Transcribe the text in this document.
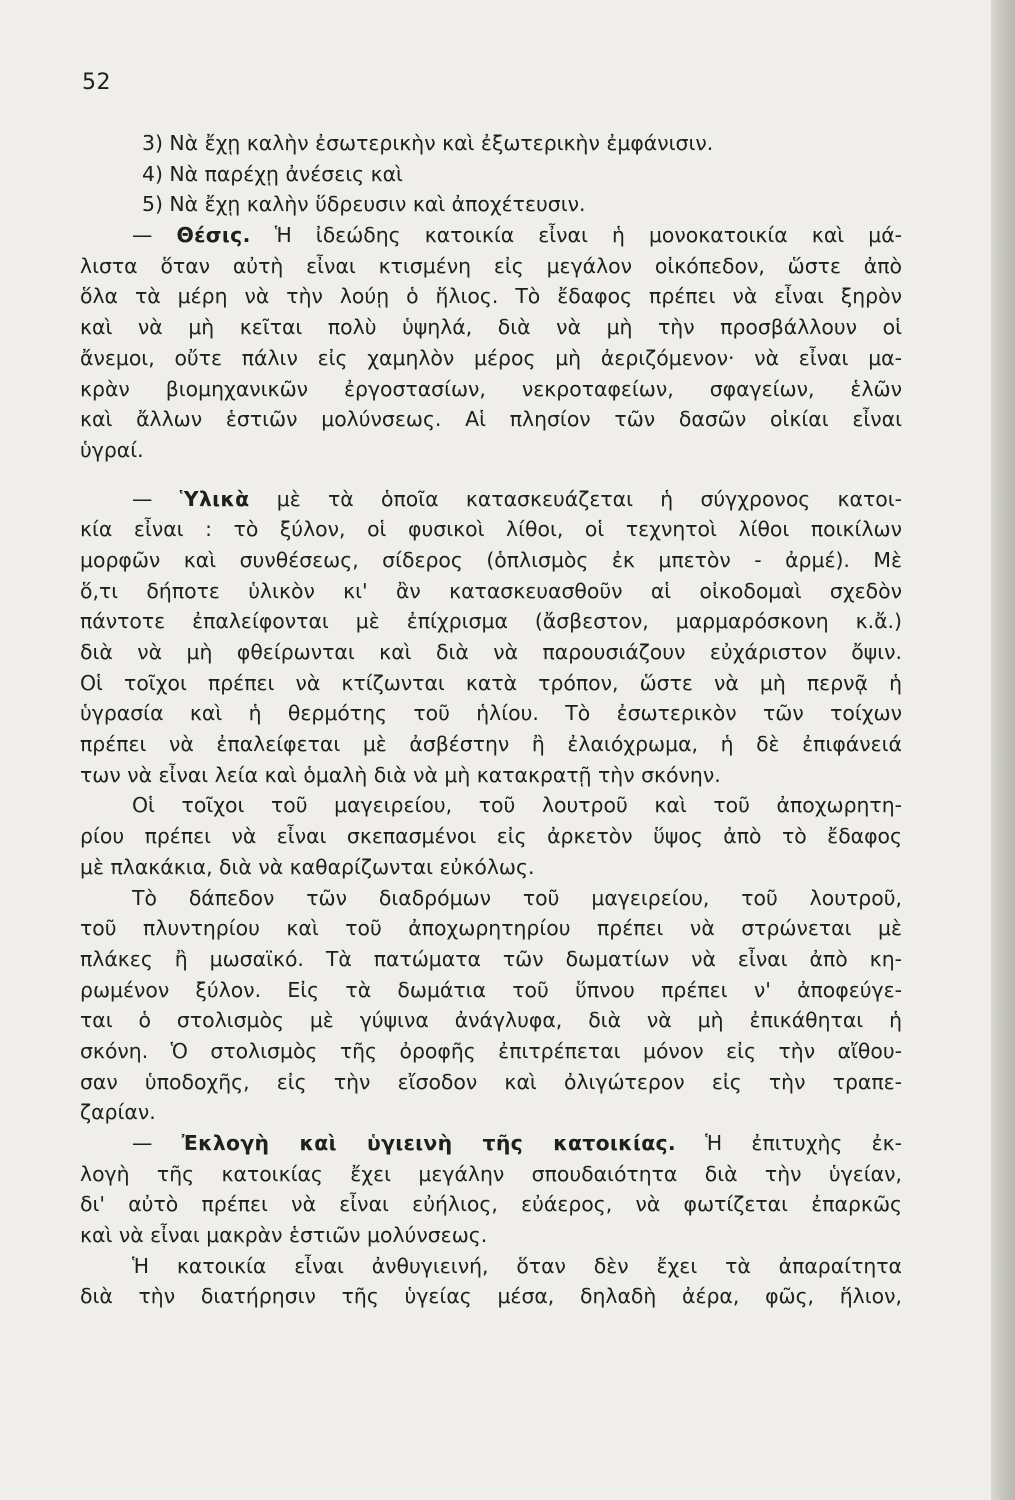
52
3) Νὰ ἔχῃ καλὴν ἐσωτερικὴν καὶ ἐξωτερικὴν ἐμφάνισιν.
4) Νὰ παρέχῃ ἀνέσεις καὶ
5) Νὰ ἔχῃ καλὴν ὕδρευσιν καὶ ἀποχέτευσιν.
— Θέσις. Ἡ ἰδεώδης κατοικία εἶναι ἡ μονοκατοικία καὶ μά-
λιστα ὅταν αὐτὴ εἶναι κτισμένη εἰς μεγάλον οἰκόπεδον, ὥστε ἀπὸ
ὅλα τὰ μέρη νὰ τὴν λούῃ ὁ ἥλιος. Τὸ ἔδαφος πρέπει νὰ εἶναι ξηρὸν
καὶ νὰ μὴ κεῖται πολὺ ὑψηλά, διὰ νὰ μὴ τὴν προσβάλλουν οἱ
ἄνεμοι, οὔτε πάλιν εἰς χαμηλὸν μέρος μὴ ἀεριζόμενον· νὰ εἶναι μα-
κρὰν βιομηχανικῶν ἐργοστασίων, νεκροταφείων, σφαγείων, ἑλῶν
καὶ ἄλλων ἑστιῶν μολύνσεως. Αἱ πλησίον τῶν δασῶν οἰκίαι εἶναι
ὑγραί.
— Ὑλικὰ μὲ τὰ ὁποῖα κατασκευάζεται ἡ σύγχρονος κατοι-
κία εἶναι : τὸ ξύλον, οἱ φυσικοὶ λίθοι, οἱ τεχνητοὶ λίθοι ποικίλων
μορφῶν καὶ συνθέσεως, σίδερος (ὁπλισμὸς ἐκ μπετὸν - ἀρμέ). Μὲ
ὅ,τι δήποτε ὑλικὸν κι' ἂν κατασκευασθοῦν αἱ οἰκοδομαὶ σχεδὸν
πάντοτε ἐπαλείφονται μὲ ἐπίχρισμα (ἄσβεστον, μαρμαρόσκονη κ.ἄ.)
διὰ νὰ μὴ φθείρωνται καὶ διὰ νὰ παρουσιάζουν εὐχάριστον ὄψιν.
Οἱ τοῖχοι πρέπει νὰ κτίζωνται κατὰ τρόπον, ὥστε νὰ μὴ περνᾷ ἡ
ὑγρασία καὶ ἡ θερμότης τοῦ ἡλίου. Τὸ ἐσωτερικὸν τῶν τοίχων
πρέπει νὰ ἐπαλείφεται μὲ ἀσβέστην ἢ ἐλαιόχρωμα, ἡ δὲ ἐπιφάνειά
των νὰ εἶναι λεία καὶ ὁμαλὴ διὰ νὰ μὴ κατακρατῇ τὴν σκόνην.
Οἱ τοῖχοι τοῦ μαγειρείου, τοῦ λουτροῦ καὶ τοῦ ἀποχωρητη-
ρίου πρέπει νὰ εἶναι σκεπασμένοι εἰς ἀρκετὸν ὕψος ἀπὸ τὸ ἔδαφος
μὲ πλακάκια, διὰ νὰ καθαρίζωνται εὐκόλως.
Τὸ δάπεδον τῶν διαδρόμων τοῦ μαγειρείου, τοῦ λουτροῦ,
τοῦ πλυντηρίου καὶ τοῦ ἀποχωρητηρίου πρέπει νὰ στρώνεται μὲ
πλάκες ἢ μωσαϊκό. Τὰ πατώματα τῶν δωματίων νὰ εἶναι ἀπὸ κη-
ρωμένον ξύλον. Εἰς τὰ δωμάτια τοῦ ὕπνου πρέπει ν' ἀποφεύγε-
ται ὁ στολισμὸς μὲ γύψινα ἀνάγλυφα, διὰ νὰ μὴ ἐπικάθηται ἡ
σκόνη. Ὁ στολισμὸς τῆς ὀροφῆς ἐπιτρέπεται μόνον εἰς τὴν αἴθου-
σαν ὑποδοχῆς, εἰς τὴν εἴσοδον καὶ ὀλιγώτερον εἰς τὴν τραπε-
ζαρίαν.
— Ἐκλογὴ καὶ ὑγιεινὴ τῆς κατοικίας. Ἡ ἐπιτυχὴς ἐκ-
λογὴ τῆς κατοικίας ἔχει μεγάλην σπουδαιότητα διὰ τὴν ὑγείαν,
δι' αὐτὸ πρέπει νὰ εἶναι εὐήλιος, εὐάερος, νὰ φωτίζεται ἐπαρκῶς
καὶ νὰ εἶναι μακρὰν ἑστιῶν μολύνσεως.
Ἡ κατοικία εἶναι ἀνθυγιεινή, ὅταν δὲν ἔχει τὰ ἀπαραίτητα
διὰ τὴν διατήρησιν τῆς ὑγείας μέσα, δηλαδὴ ἀέρα, φῶς, ἥλιον,
